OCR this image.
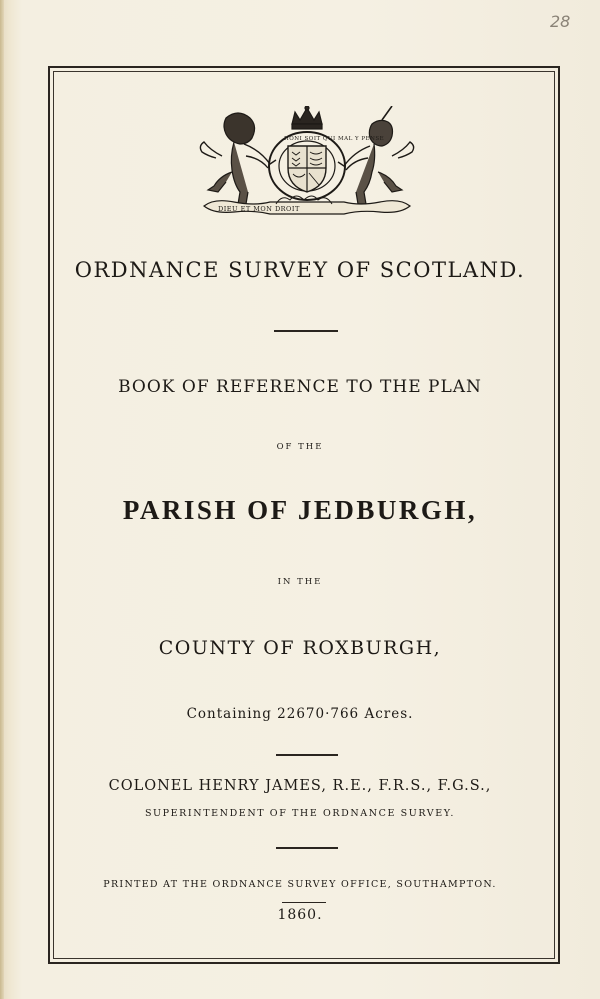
28
DIEU ET MON DROIT
HONI SOIT QUI MAL Y PENSE
ORDNANCE SURVEY OF SCOTLAND.
BOOK OF REFERENCE TO THE PLAN
OF THE
PARISH OF JEDBURGH,
IN THE
COUNTY OF ROXBURGH,
Containing 22670·766 Acres.
COLONEL HENRY JAMES, R.E., F.R.S., F.G.S.,
SUPERINTENDENT OF THE ORDNANCE SURVEY.
PRINTED AT THE ORDNANCE SURVEY OFFICE, SOUTHAMPTON.
1860.
